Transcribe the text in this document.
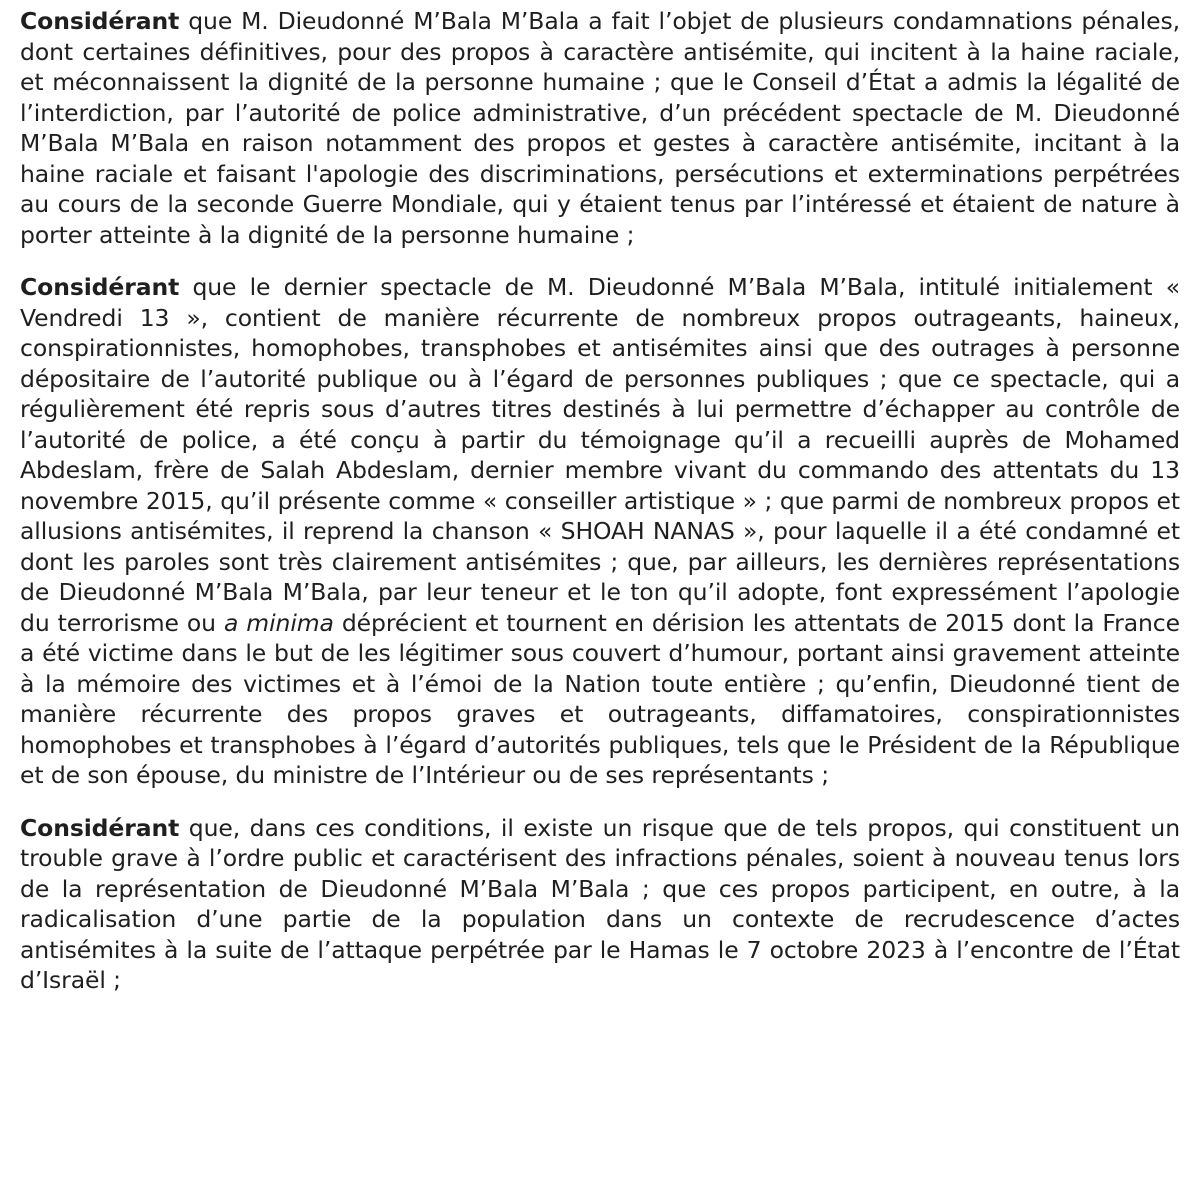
Considérant que M. Dieudonné M’Bala M’Bala a fait l’objet de plusieurs condamnations pénales, dont certaines définitives, pour des propos à caractère antisémite, qui incitent à la haine raciale, et méconnaissent la dignité de la personne humaine ; que le Conseil d’État a admis la légalité de l’interdiction, par l’autorité de police administrative, d’un précédent spectacle de M. Dieudonné M’Bala M’Bala en raison notamment des propos et gestes à caractère antisémite, incitant à la haine raciale et faisant l'apologie des discriminations, persécutions et exterminations perpétrées au cours de la seconde Guerre Mondiale, qui y étaient tenus par l’intéressé et étaient de nature à porter atteinte à la dignité de la personne humaine ;

Considérant que le dernier spectacle de M. Dieudonné M’Bala M’Bala, intitulé initialement « Vendredi 13 », contient de manière récurrente de nombreux propos outrageants, haineux, conspirationnistes, homophobes, transphobes et antisémites ainsi que des outrages à personne dépositaire de l’autorité publique ou à l’égard de personnes publiques ; que ce spectacle, qui a régulièrement été repris sous d’autres titres destinés à lui permettre d’échapper au contrôle de l’autorité de police, a été conçu à partir du témoignage qu’il a recueilli auprès de Mohamed Abdeslam, frère de Salah Abdeslam, dernier membre vivant du commando des attentats du 13 novembre 2015, qu’il présente comme « conseiller artistique » ; que parmi de nombreux propos et allusions antisémites, il reprend la chanson « SHOAH NANAS », pour laquelle il a été condamné et dont les paroles sont très clairement antisémites ; que, par ailleurs, les dernières représentations de Dieudonné M’Bala M’Bala, par leur teneur et le ton qu’il adopte, font expressément l’apologie du terrorisme ou a minima déprécient et tournent en dérision les attentats de 2015 dont la France a été victime dans le but de les légitimer sous couvert d’humour, portant ainsi gravement atteinte à la mémoire des victimes et à l’émoi de la Nation toute entière ; qu’enfin, Dieudonné tient de manière récurrente des propos graves et outrageants, diffamatoires, conspirationnistes homophobes et transphobes à l’égard d’autorités publiques, tels que le Président de la République et de son épouse, du ministre de l’Intérieur ou de ses représentants ;

Considérant que, dans ces conditions, il existe un risque que de tels propos, qui constituent un trouble grave à l’ordre public et caractérisent des infractions pénales, soient à nouveau tenus lors de la représentation de Dieudonné M’Bala M’Bala ; que ces propos participent, en outre, à la radicalisation d’une partie de la population dans un contexte de recrudescence d’actes antisémites à la suite de l’attaque perpétrée par le Hamas le 7 octobre 2023 à l’encontre de l’État d’Israël ;
